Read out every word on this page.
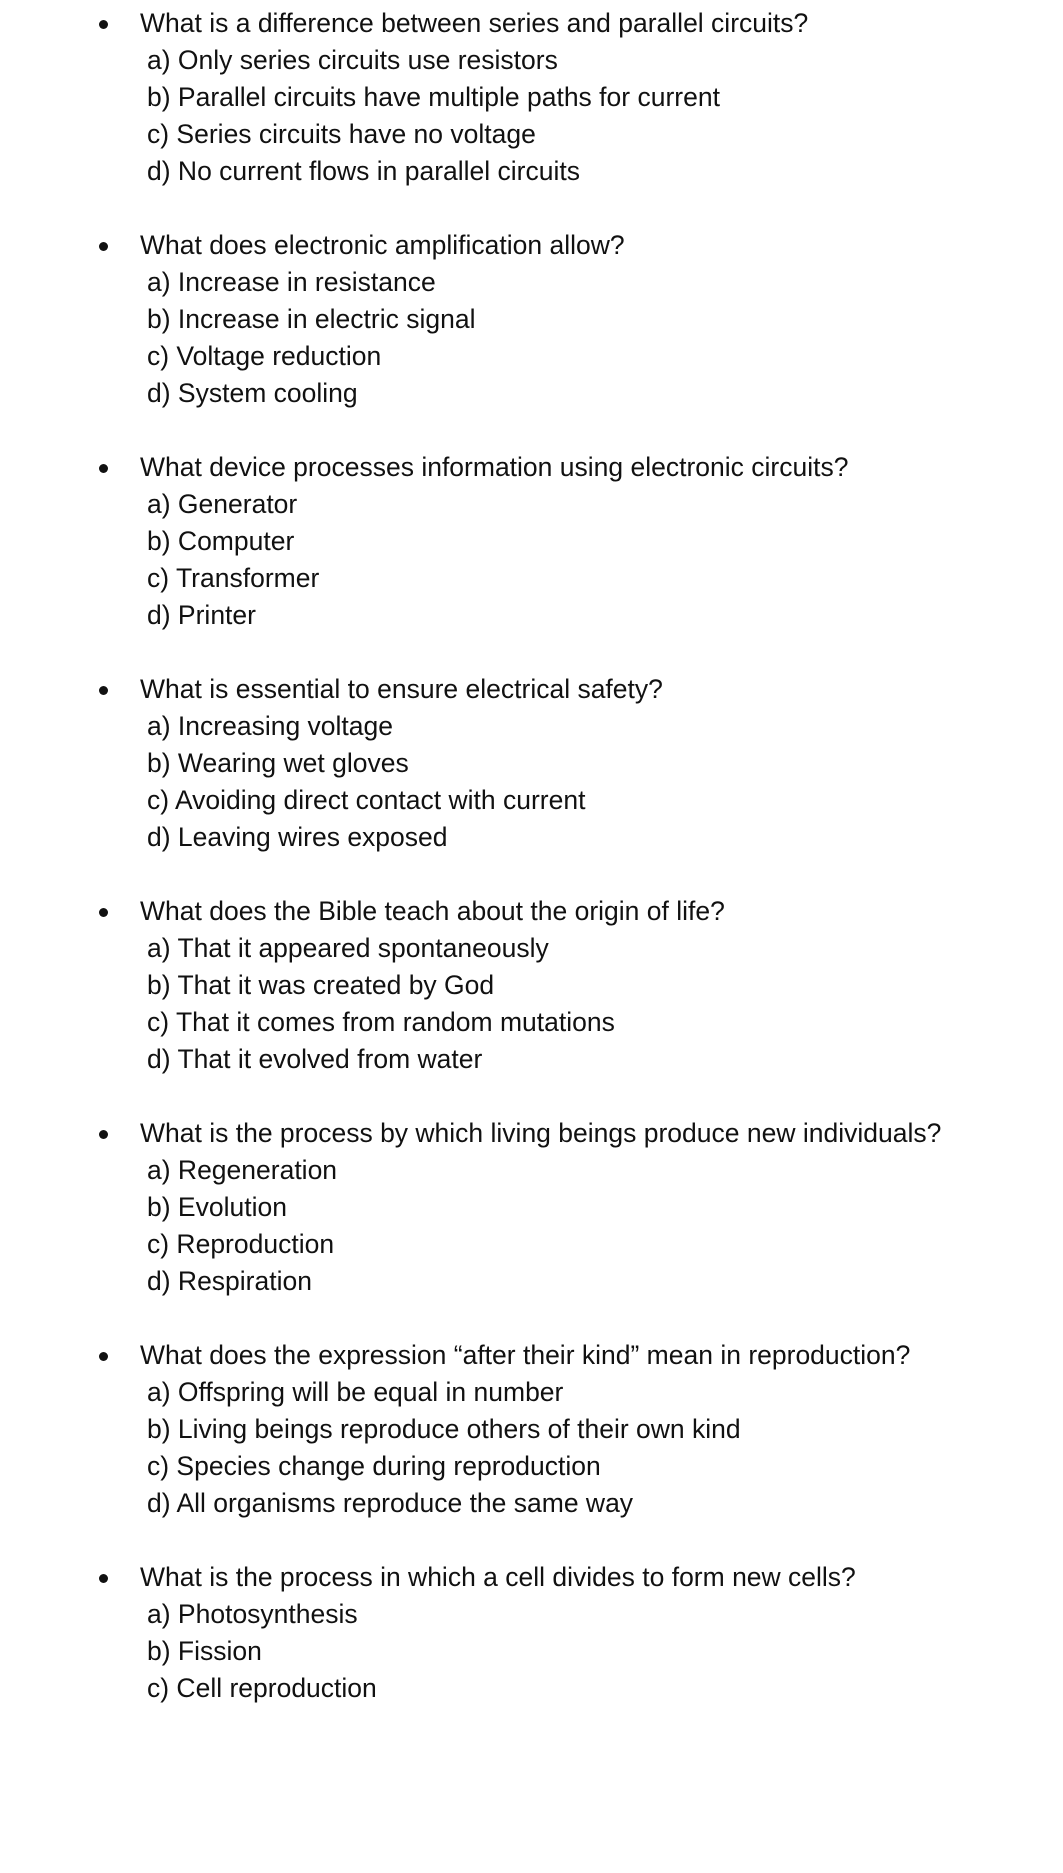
What is a difference between series and parallel circuits?
a) Only series circuits use resistors
b) Parallel circuits have multiple paths for current
c) Series circuits have no voltage
d) No current flows in parallel circuits
What does electronic amplification allow?
a) Increase in resistance
b) Increase in electric signal
c) Voltage reduction
d) System cooling
What device processes information using electronic circuits?
a) Generator
b) Computer
c) Transformer
d) Printer
What is essential to ensure electrical safety?
a) Increasing voltage
b) Wearing wet gloves
c) Avoiding direct contact with current
d) Leaving wires exposed
What does the Bible teach about the origin of life?
a) That it appeared spontaneously
b) That it was created by God
c) That it comes from random mutations
d) That it evolved from water
What is the process by which living beings produce new individuals?
a) Regeneration
b) Evolution
c) Reproduction
d) Respiration
What does the expression “after their kind” mean in reproduction?
a) Offspring will be equal in number
b) Living beings reproduce others of their own kind
c) Species change during reproduction
d) All organisms reproduce the same way
What is the process in which a cell divides to form new cells?
a) Photosynthesis
b) Fission
c) Cell reproduction
